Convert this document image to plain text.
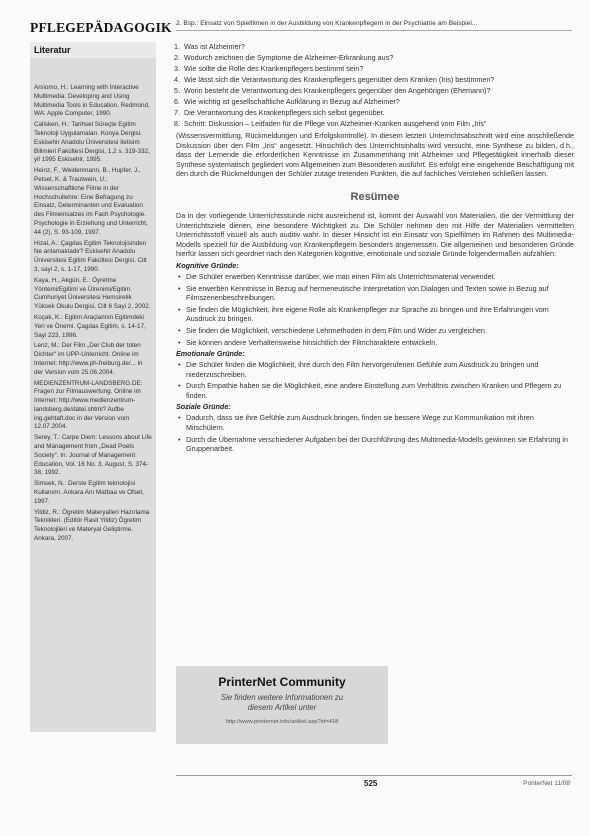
PFLEGEPÄDAGOGIK 2. Bsp.: Einsatz von Spielfilmen in der Ausbildung von Krankenpflegern in der Psychiatrie am Beispiel...
Literatur

Arsiomo, H.: Learning with Interactive Multimedia: Developing and Using Multimedia Tools in Education. Redmond, WA: Apple Computer, 1990.

Calisken, H.: Tarihsel Süreçte Egitim Teknoloji Uygulamaları. Konya Dergisi. Eskisehir Anadolu Üniversitesi Iletisim Bilimleri Fakültesi Dergisi, 1,2 s. 319-332, yil 1995 Eskisehir, 1995.

Heinz, F., Weidenmann, B., Hupfer, J., Petsel, K. & Trautwein, U.: Wissenschaftliche Filme in der Hochschullehre: Eine Befragung zu Einsatz, Determinanten und Evaluation des Filmeinsatzes im Fach Psychologie. Psychologie in Erziehung und Unterricht, 44 (2), S. 93-109, 1997.

Hizal, A.: Çagdas Egitim Teknolojisinden Ne anlamaktadir? Eskisehir Anadolu Üniversitesi Egitim Fakültesi Dergisi, Cilt 3, sayi 2, s. 1-17, 1990.

Kaya, H., Akgün, E.: Öyretme Yöntemi/Egitimi ve Ülrenimi/Egitim. Cumhuriyet Üniversitesi Hemsirelik Yüksek Okulu Dergisi, Cilt 6 Sayi 2, 2002.

Koçak, K.: Egitim Araçlarinin Egitimdeki Yeri ve Önemi. Çagdas Egitim, s. 14-17, Sayi 223, 1996.

Lenz, M.: Der Film „Der Club der toten Dichter“ im UPP-Unterricht. Online im Internet: http://www.ph-freiburg.de/... in der Version vom 25.06.2004.

MEDIENZENTRUM-LANDSBERG.DE: Fragen zur Filmauswertung. Online im Internet: http://www.medienzentrum-landsberg.de/datei.shtml? Aufbe ing.gehtaft.doc in der Version vom 12.07.2004.

Serey, T.: Carpe Diem: Lessons about Life and Management from „Dead Poets Society“. In: Journal of Management Education, Vol. 16 No. 3, August, S. 374-38, 1992.

Simsek, N.: Derste Egitim teknolojisi Kullanımı. Ankara Anı Matbaa ve Ofset, 1997.

Yildiz, R.: Ögretim Materyalleri Hazırlama Teknikleri. (Editör Rasit Yildiz) Ögretim Teknolojileri ve Materyal Geliştirme. Ankara, 2007.

1. Was ist Alzheimer?
2. Wodurch zeichnen die Symptome die Alzheimer-Erkrankung aus?
3. Wie sollte die Rolle des Krankenpflegers bestimmt sein?
4. Wie lässt sich die Verantwortung des Krankenpflegers gegenüber dem Kranken (Iris) bestimmen?
5. Worin besteht die Verantwortung des Krankenpflegers gegenüber den Angehörigen (Ehemann)?
6. Wie wichtig ist gesellschaftliche Aufklärung in Bezug auf Alzheimer?
7. Die Verantwortung des Krankenpflegers sich selbst gegenüber.
8. Schritt: Diskussion – Leitfaden für die Pflege von Alzheimer-Kranken ausgehend vom Film „Iris“

(Wissensvermittlung, Rückmeldungen und Erfolgskontrolle). In diesem letzten Unterrichtsabschnitt wird eine anschließende Diskussion über den Film „Iris“ angesetzt. Hinsichtlich des Unterrichtsinhalts wird versucht, eine Synthese zu bilden, d.h., dass der Lernende die erforderlichen Kenntnisse im Zusammenhang mit Alzheimer und Pflegetätigkeit innerhalb dieser Synthese systematisch gegliedert vom Allgemeinen zum Besonderen ausführt. Es erfolgt eine eingehende Beschäftigung mit den durch die Rückmeldungen der Schüler zutage tretenden Punkten, die auf fachliches Verstehen schließen lassen.

Resümee

Da in der vorliegende Unterrichtsstunde nicht ausreichend ist, kommt der Auswahl von Materialien, die der Vermittlung der Unterrichtsziele dienen, eine besondere Wichtigkeit zu. Die Schüler nehmen den mit Hilfe der Materialien vermittelten Unterrichtsstoff visuell als auch auditiv wahr. In dieser Hinsicht ist ein Einsatz von Spielfilmen im Rahmen des Multimedia-Modells speziell für die Ausbildung von Krankenpflegern besonders angemessen. Die allgemeinen und besonderen Gründe hierfür lassen sich geordnet nach den Kategorien kognitive, emotionale und soziale Gründe folgendermaßen aufzählen:

Kognitive Gründe:
• Die Schüler erwerben Kenntnisse darüber, wie man einen Film als Unterrichtsmaterial verwendet.
• Sie erwerben Kenntnisse in Bezug auf hermeneutische Interpretation von Dialogen und Texten sowie in Bezug auf Filmszenenbeschreibungen.
• Sie finden die Möglichkeit, ihre eigene Rolle als Krankenpfleger zur Sprache zu bringen und ihre Erfahrungen vom Ausdruck zu bringen.
• Sie finden die Möglichkeit, verschiedene Lehrmethoden in dem Film und Wider zu vergleichen.
• Sie können andere Verhaltensweise hinsichtlich der Filmcharaktere entwickeln.
Emotionale Gründe:
• Die Schüler finden die Möglichkeit, ihre durch den Film hervorgerufenen Gefühle zum Ausdruck zu bringen und niederzuschreiben.
• Durch Empathie haben sie die Möglichkeit, eine andere Einstellung zum Verhältnis zwischen Kranken und Pflegern zu finden.
Soziale Gründe:
• Dadurch, dass sie ihre Gefühle zum Ausdruck bringen, finden sie bessere Wege zur Kommunikation mit ihren Mitschülern.
• Durch die Übernahme verschiedener Aufgaben bei der Durchführung des Multimedia-Modells gewinnen sie Erfahrung in Gruppenarbeit.
PrinterNet Community
Sie finden weitere Informationen zu
diesem Artikel unter
http://www.printernet.info/artikel.asp?id=418
525	PrinterNet 11/08
